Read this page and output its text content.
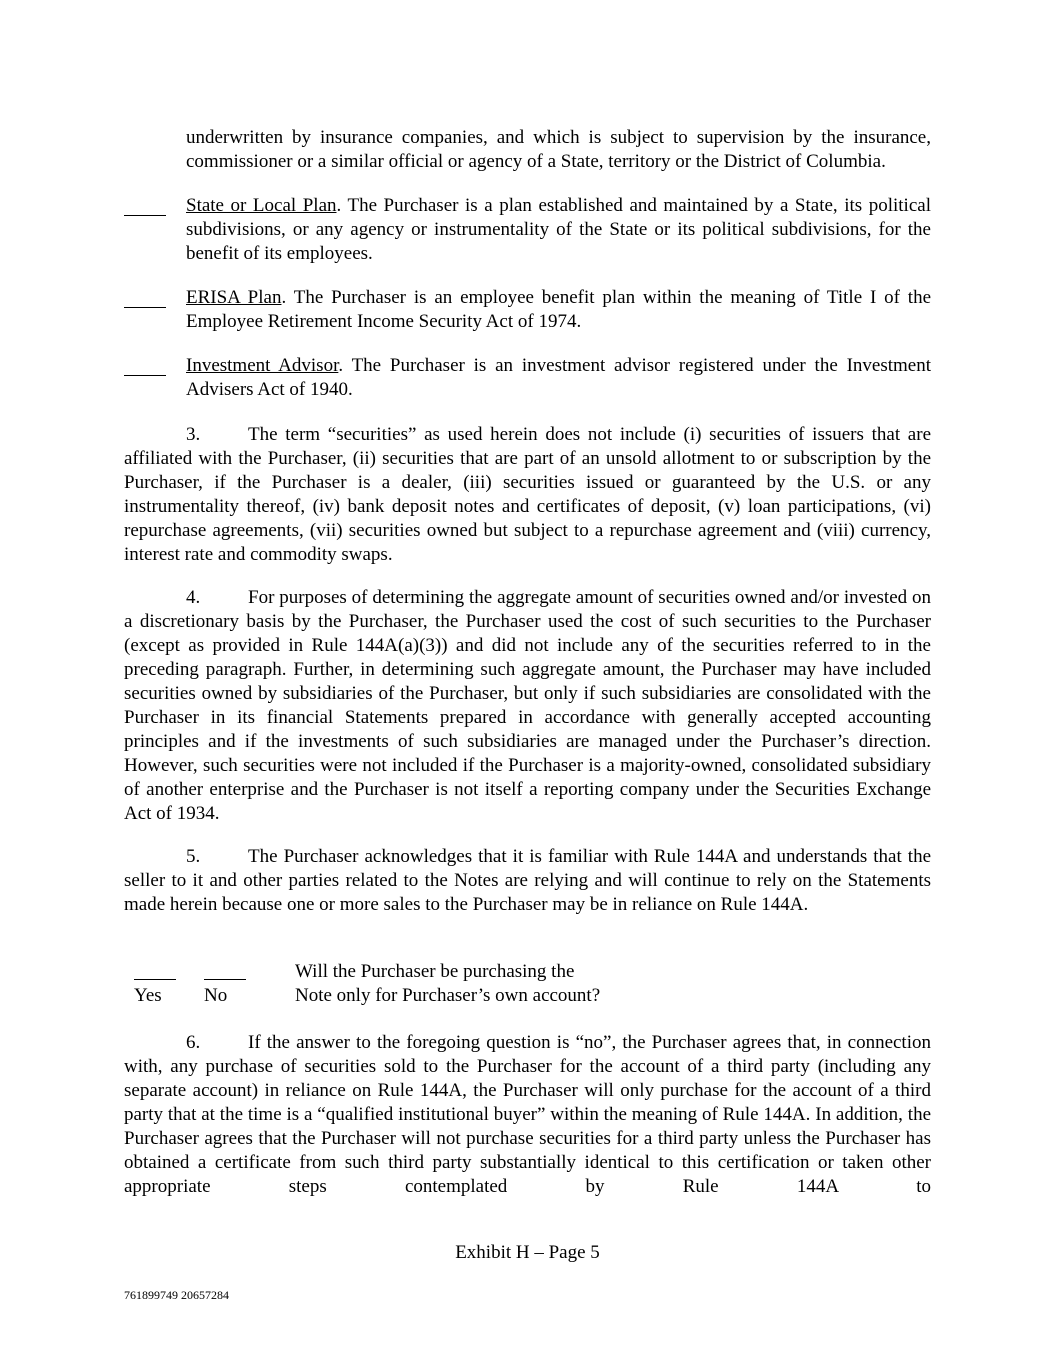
underwritten by insurance companies, and which is subject to supervision by the insurance,
commissioner or a similar official or agency of a State, territory or the District of Columbia.

State or Local Plan. The Purchaser is a plan established and maintained by a State, its political subdivisions, or any agency or instrumentality of the State or its political subdivisions, for the benefit of its employees.

ERISA Plan. The Purchaser is an employee benefit plan within the meaning of Title I of the Employee Retirement Income Security Act of 1974.

Investment Advisor. The Purchaser is an investment advisor registered under the Investment Advisers Act of 1940.

3.	The term “securities” as used herein does not include (i) securities of issuers that are affiliated with the Purchaser, (ii) securities that are part of an unsold allotment to or subscription by the Purchaser, if the Purchaser is a dealer, (iii) securities issued or guaranteed by the U.S. or any instrumentality thereof, (iv) bank deposit notes and certificates of deposit, (v) loan participations, (vi) repurchase agreements, (vii) securities owned but subject to a repurchase agreement and (viii) currency, interest rate and commodity swaps.

4.	For purposes of determining the aggregate amount of securities owned and/or invested on a discretionary basis by the Purchaser, the Purchaser used the cost of such securities to the Purchaser (except as provided in Rule 144A(a)(3)) and did not include any of the securities referred to in the preceding paragraph. Further, in determining such aggregate amount, the Purchaser may have included securities owned by subsidiaries of the Purchaser, but only if such subsidiaries are consolidated with the Purchaser in its financial Statements prepared in accordance with generally accepted accounting principles and if the investments of such subsidiaries are managed under the Purchaser’s direction. However, such securities were not included if the Purchaser is a majority-owned, consolidated subsidiary of another enterprise and the Purchaser is not itself a reporting company under the Securities Exchange Act of 1934.

5.	The Purchaser acknowledges that it is familiar with Rule 144A and understands that the seller to it and other parties related to the Notes are relying and will continue to rely on the Statements made herein because one or more sales to the Purchaser may be in reliance on Rule 144A.

Yes No
Will the Purchaser be purchasing the
Note only for Purchaser’s own account?

6.	If the answer to the foregoing question is “no”, the Purchaser agrees that, in connection with, any purchase of securities sold to the Purchaser for the account of a third party (including any separate account) in reliance on Rule 144A, the Purchaser will only purchase for the account of a third party that at the time is a “qualified institutional buyer” within the meaning of Rule 144A. In addition, the Purchaser agrees that the Purchaser will not purchase securities for a third party unless the Purchaser has obtained a certificate from such third party substantially identical to this certification or taken other appropriate steps contemplated by Rule 144A to

Exhibit H – Page 5
761899749 20657284
